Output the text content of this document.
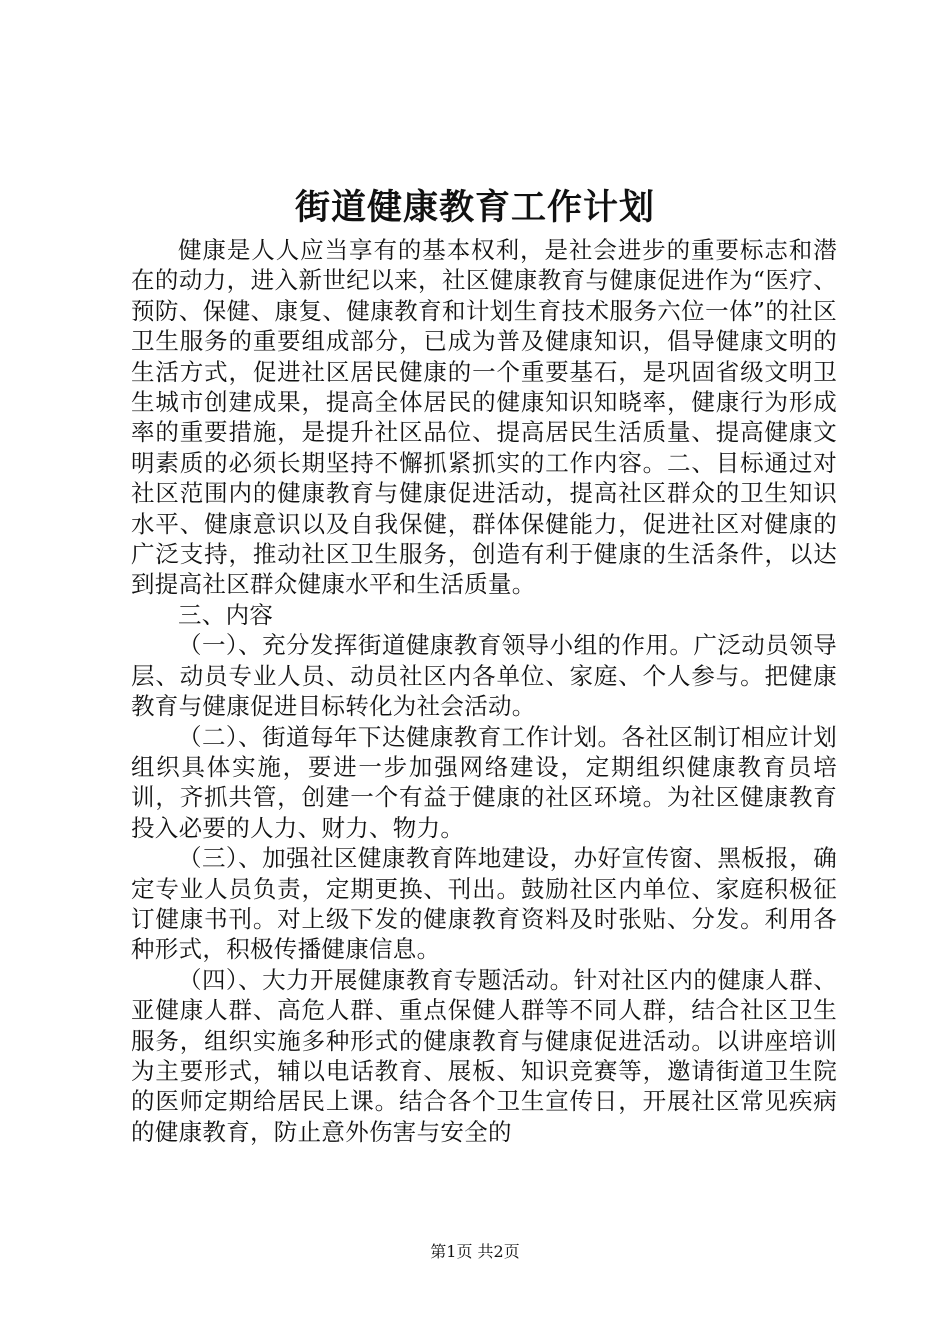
街道健康教育工作计划

健康是人人应当享有的基本权利，是社会进步的重要标志和潜在的动力，进入新世纪以来，社区健康教育与健康促进作为“医疗、预防、保健、康复、健康教育和计划生育技术服务六位一体”的社区卫生服务的重要组成部分，已成为普及健康知识，倡导健康文明的生活方式，促进社区居民健康的一个重要基石，是巩固省级文明卫生城市创建成果，提高全体居民的健康知识知晓率，健康行为形成率的重要措施，是提升社区品位、提高居民生活质量、提高健康文明素质的必须长期坚持不懈抓紧抓实的工作内容。二、目标通过对社区范围内的健康教育与健康促进活动，提高社区群众的卫生知识水平、健康意识以及自我保健，群体保健能力，促进社区对健康的广泛支持，推动社区卫生服务，创造有利于健康的生活条件，以达到提高社区群众健康水平和生活质量。

三、内容

（一）、充分发挥街道健康教育领导小组的作用。广泛动员领导层、动员专业人员、动员社区内各单位、家庭、个人参与。把健康教育与健康促进目标转化为社会活动。

（二）、街道每年下达健康教育工作计划。各社区制订相应计划组织具体实施，要进一步加强网络建设，定期组织健康教育员培训，齐抓共管，创建一个有益于健康的社区环境。为社区健康教育投入必要的人力、财力、物力。

（三）、加强社区健康教育阵地建设，办好宣传窗、黑板报，确定专业人员负责，定期更换、刊出。鼓励社区内单位、家庭积极征订健康书刊。对上级下发的健康教育资料及时张贴、分发。利用各种形式，积极传播健康信息。

（四）、大力开展健康教育专题活动。针对社区内的健康人群、亚健康人群、高危人群、重点保健人群等不同人群，结合社区卫生服务，组织实施多种形式的健康教育与健康促进活动。以讲座培训为主要形式，辅以电话教育、展板、知识竞赛等，邀请街道卫生院的医师定期给居民上课。结合各个卫生宣传日，开展社区常见疾病的健康教育，防止意外伤害与安全的

第1页 共2页
